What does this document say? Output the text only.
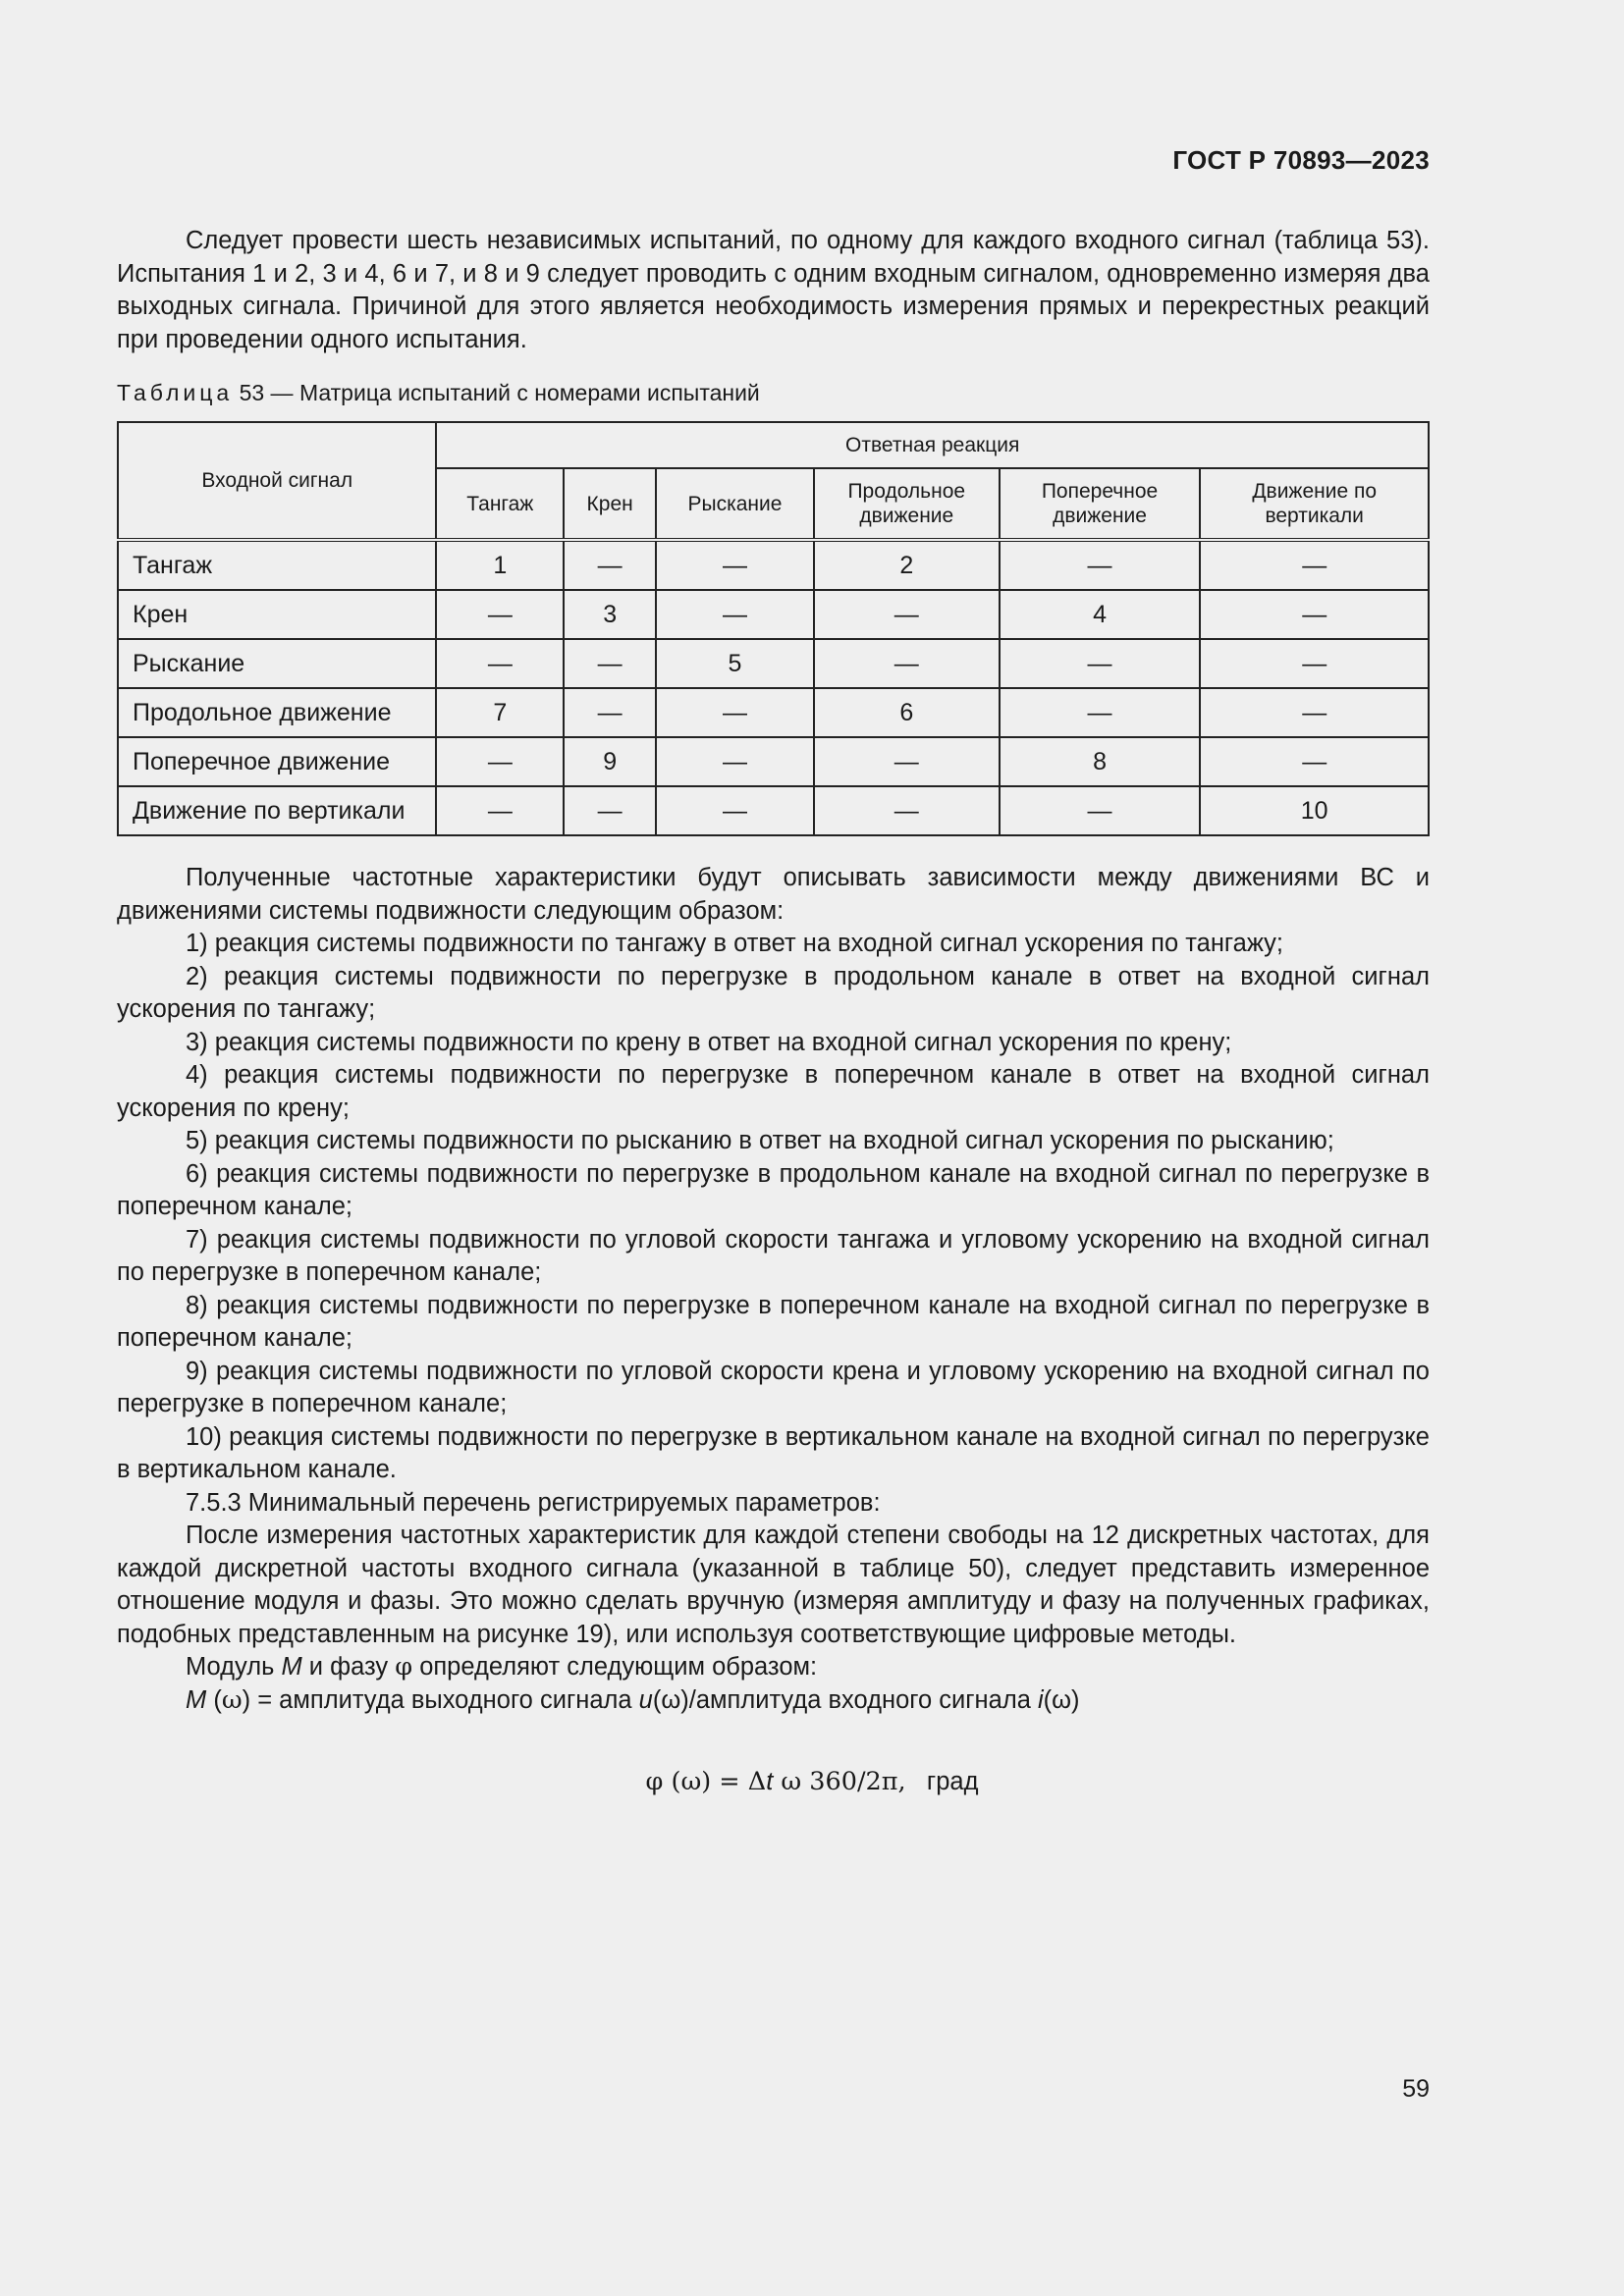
ГОСТ Р 70893—2023

Следует провести шесть независимых испытаний, по одному для каждого входного сигнал (таблица 53). Испытания 1 и 2, 3 и 4, 6 и 7, и 8 и 9 следует проводить с одним входным сигналом, одновременно измеряя два выходных сигнала. Причиной для этого является необходимость измерения прямых и перекрестных реакций при проведении одного испытания.

Таблица 53 — Матрица испытаний с номерами испытаний
Входной сигнал	Ответная реакция					
	Тангаж	Крен	Рыскание	Продольное движение	Поперечное движение	Движение по вертикали
Тангаж	1	—	—	2	—	—
Крен	—	3	—	—	4	—
Рыскание	—	—	5	—	—	—
Продольное движение	7	—	—	6	—	—
Поперечное движение	—	9	—	—	8	—
Движение по вертикали	—	—	—	—	—	10

Полученные частотные характеристики будут описывать зависимости между движениями ВС и движениями системы подвижности следующим образом:

1) реакция системы подвижности по тангажу в ответ на входной сигнал ускорения по тангажу;

2) реакция системы подвижности по перегрузке в продольном канале в ответ на входной сигнал ускорения по тангажу;

3) реакция системы подвижности по крену в ответ на входной сигнал ускорения по крену;

4) реакция системы подвижности по перегрузке в поперечном канале в ответ на входной сигнал ускорения по крену;

5) реакция системы подвижности по рысканию в ответ на входной сигнал ускорения по рысканию;

6) реакция системы подвижности по перегрузке в продольном канале на входной сигнал по перегрузке в поперечном канале;

7) реакция системы подвижности по угловой скорости тангажа и угловому ускорению на входной сигнал по перегрузке в поперечном канале;

8) реакция системы подвижности по перегрузке в поперечном канале на входной сигнал по перегрузке в поперечном канале;

9) реакция системы подвижности по угловой скорости крена и угловому ускорению на входной сигнал по перегрузке в поперечном канале;

10) реакция системы подвижности по перегрузке в вертикальном канале на входной сигнал по перегрузке в вертикальном канале.

7.5.3 Минимальный перечень регистрируемых параметров:

После измерения частотных характеристик для каждой степени свободы на 12 дискретных частотах, для каждой дискретной частоты входного сигнала (указанной в таблице 50), следует представить измеренное отношение модуля и фазы. Это можно сделать вручную (измеряя амплитуду и фазу на полученных графиках, подобных представленным на рисунке 19), или используя соответствующие цифровые методы.

Модуль M и фазу φ определяют следующим образом:

M (ω) = амплитуда выходного сигнала u(ω)/амплитуда входного сигнала i(ω)

φ (ω) = Δt ω 360/2π, град
59
